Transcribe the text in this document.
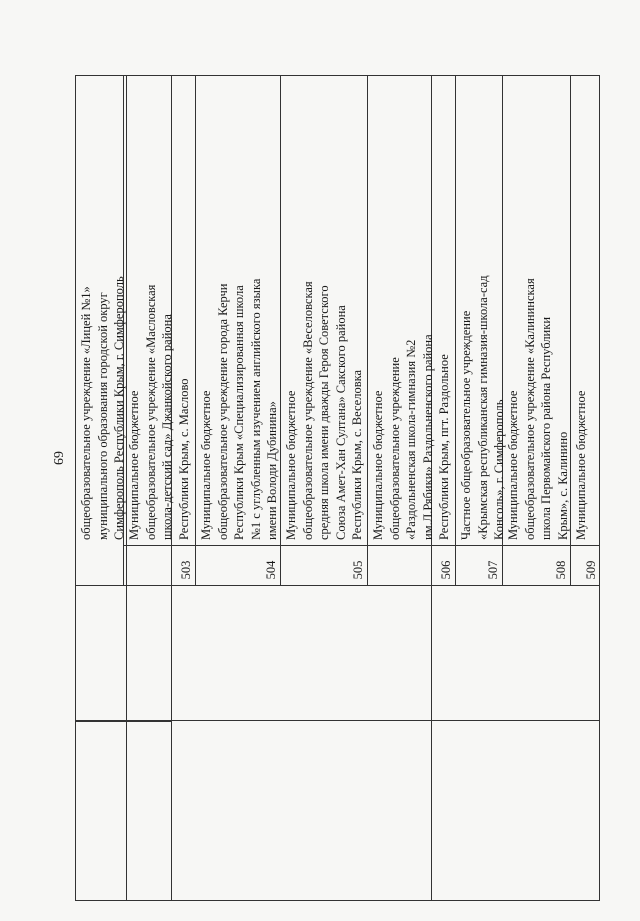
69 общеобразовательное учреждение «Лицей №1» муниципального образования городской округ Симферополь Республики Крым, г. Симферополь Муниципальное бюджетное общеобразовательное учреждение «Масловская школа-детский сад» Джанкойского района Республики Крым, с. Маслово
503
Муниципальное бюджетное общеобразовательное учреждение города Керчи Республики Крым «Специализированная школа №1 с углубленным изучением английского языка имени Володи Дубинина»
504
Муниципальное бюджетное общеобразовательное учреждение «Веселовская средняя школа имени дважды Героя Советского Союза Амет-Хан Султана» Сакского района Республики Крым, с. Веселовка
505
Муниципальное бюджетное общеобразовательное учреждение «Раздольненская школа-гимназия №2 им.Л.Рябики» Раздольненского района Республики Крым, пгт. Раздольное
506
Частное общеобразовательное учреждение «Крымская республиканская гимназия-школа-сад Консоль», г. Симферополь
507
Муниципальное бюджетное общеобразовательное учреждение «Калининская школа Первомайского района Республики Крым», с. Калинино
508
Муниципальное бюджетное
509
